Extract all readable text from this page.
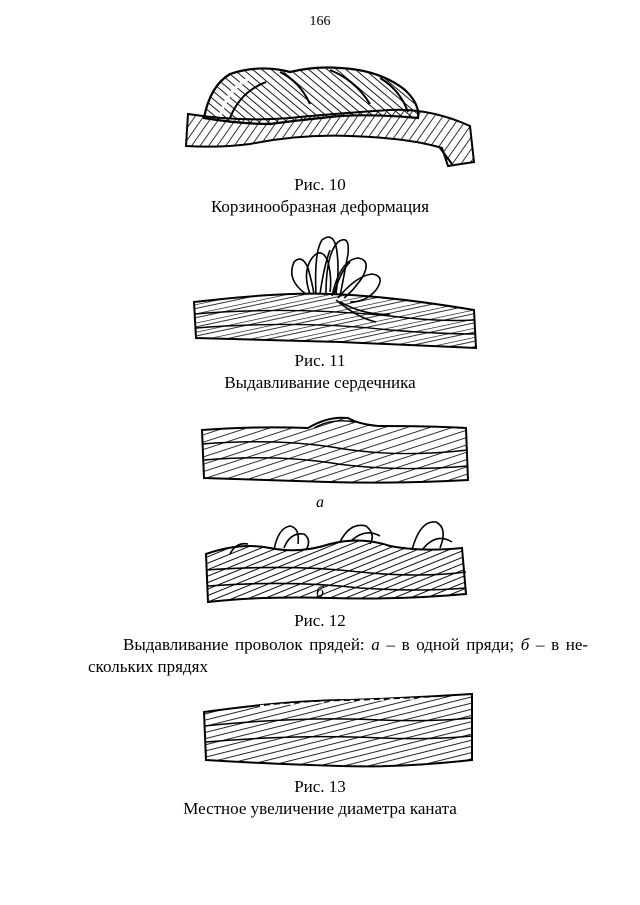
166
Рис. 10
Корзинообразная деформация
Рис. 11
Выдавливание сердечника
а
б
Рис. 12
Выдавливание проволок прядей: а – в одной пряди; б – в не-
скольких прядях
Рис. 13
Местное увеличение диаметра каната
